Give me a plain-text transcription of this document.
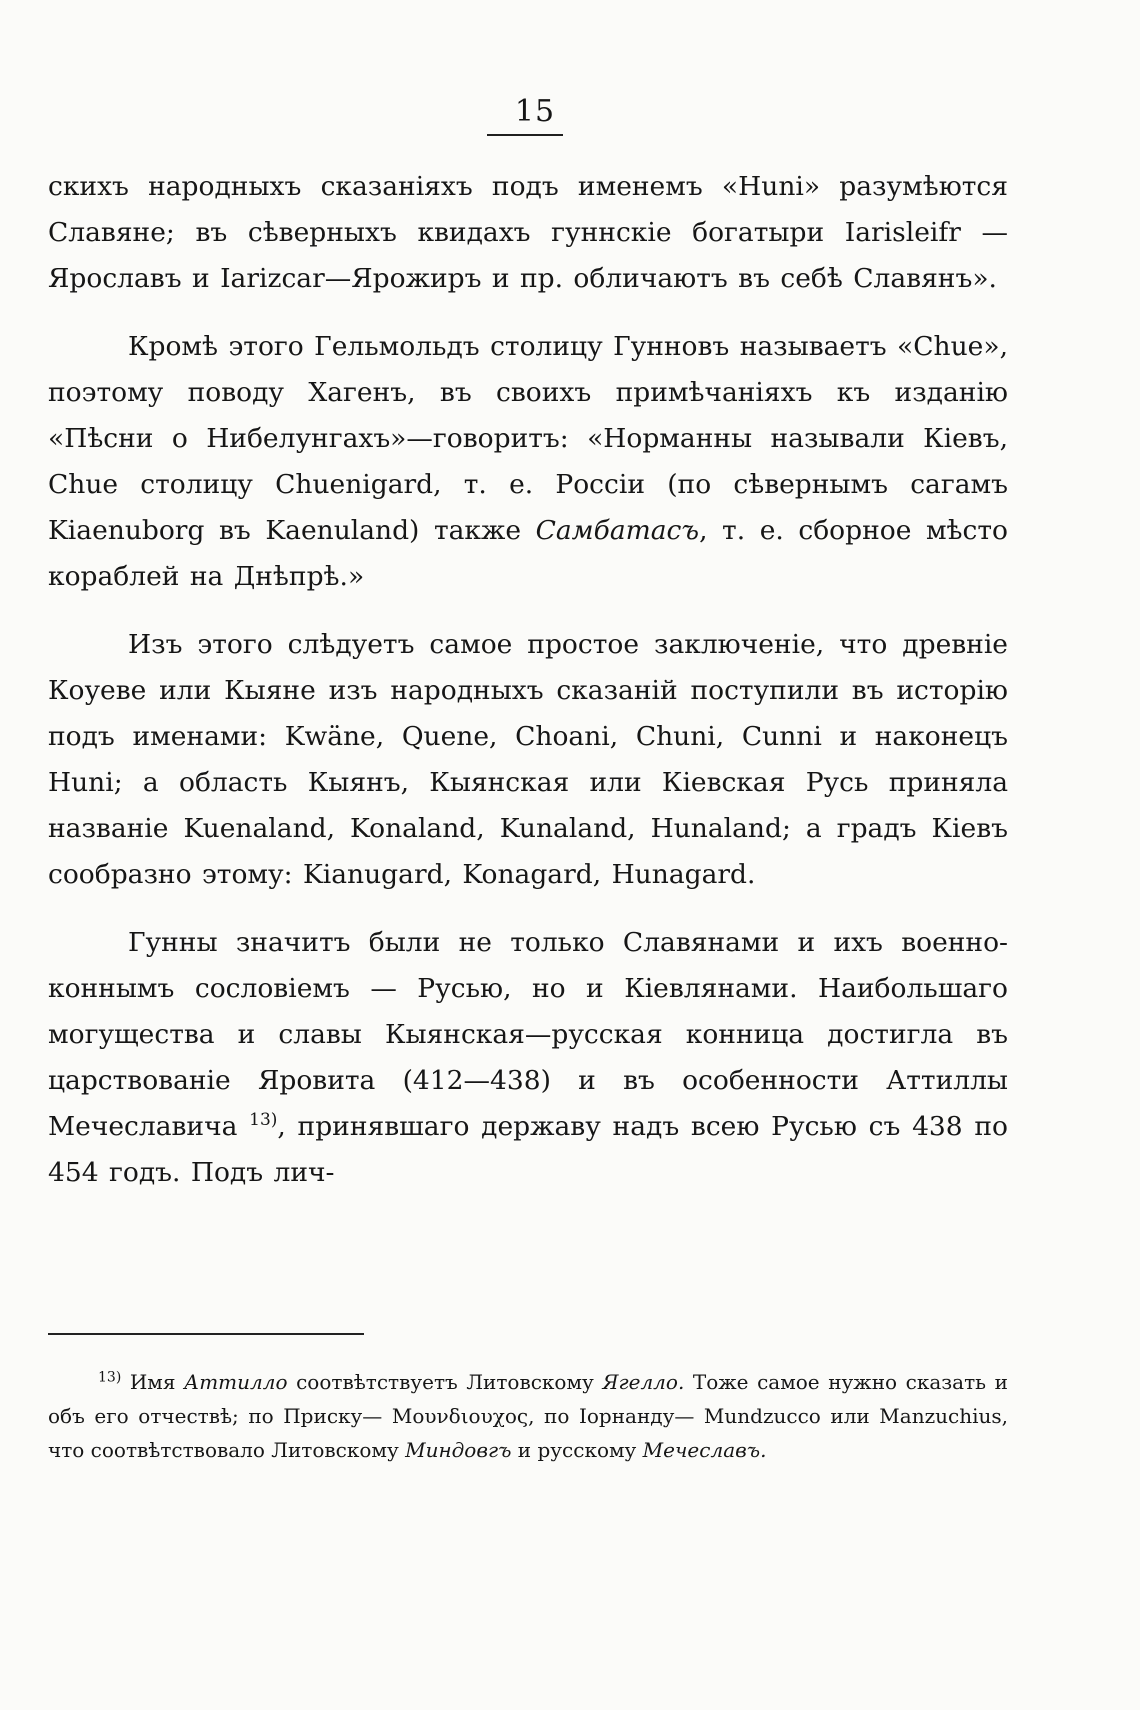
15

скихъ народныхъ сказаніяхъ подъ именемъ «Huni» разумѣются Славяне; въ сѣверныхъ квидахъ гуннскіе богатыри Iarisleifr — Ярославъ и Iarizcar—Ярожиръ и пр. обличаютъ въ себѣ Славянъ».

Кромѣ этого Гельмольдъ столицу Гунновъ называетъ «Chue», поэтому поводу Хагенъ, въ своихъ примѣчаніяхъ къ изданію «Пѣсни о Нибелунгахъ»—говоритъ: «Норманны называли Кіевъ, Chue столицу Chuenigard, т. е. Россіи (по сѣвернымъ сагамъ Kiaenuborg въ Kaenuland) также Самбатасъ, т. е. сборное мѣсто кораблей на Днѣпрѣ.»

Изъ этого слѣдуетъ самое простое заключеніе, что древніе Коуеве или Кыяне изъ народныхъ сказаній поступили въ исторію подъ именами: Kwäne, Quene, Choani, Chuni, Cunni и наконецъ Huni; а область Кыянъ, Кыянская или Кіевская Русь приняла названіе Kuenaland, Konaland, Kunaland, Hunaland; а градъ Кіевъ сообразно этому: Kianugard, Konagard, Hunagard.

Гунны значитъ были не только Славянами и ихъ военно-коннымъ сословіемъ — Русью, но и Кіевлянами. Наибольшаго могущества и славы Кыянская—русская конница достигла въ царствованіе Яровита (412—438) и въ особенности Аттиллы Мечеславича $^{13)}$, принявшаго державу надъ всею Русью съ 438 по 454 годъ. Подъ лич-

$^{13)}$ Имя Аттилло соотвѣтствуетъ Литовскому Ягелло. Тоже самое нужно сказать и объ его отчествѣ; по Приску— Μουνδιουχος, по Іорнанду— Mundzucco или Manzuchius, что соотвѣтствовало Литовскому Миндовгъ и русскому Мечеславъ.
